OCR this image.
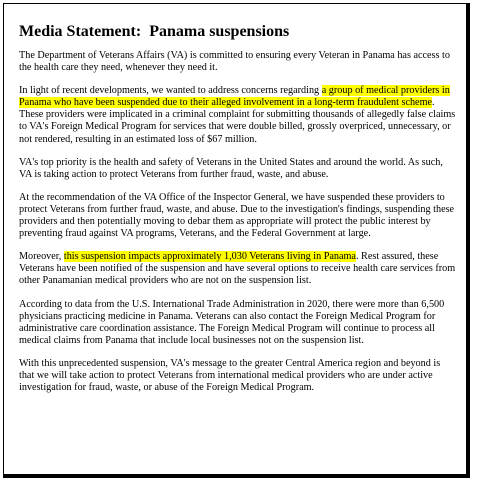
Media Statement:  Panama suspensions

The Department of Veterans Affairs (VA) is committed to ensuring every Veteran in Panama has access to the health care they need, whenever they need it.

In light of recent developments, we wanted to address concerns regarding a group of medical providers in Panama who have been suspended due to their alleged involvement in a long-term fraudulent scheme. These providers were implicated in a criminal complaint for submitting thousands of allegedly false claims to VA's Foreign Medical Program for services that were double billed, grossly overpriced, unnecessary, or not rendered, resulting in an estimated loss of $67 million.

VA's top priority is the health and safety of Veterans in the United States and around the world. As such, VA is taking action to protect Veterans from further fraud, waste, and abuse.

At the recommendation of the VA Office of the Inspector General, we have suspended these providers to protect Veterans from further fraud, waste, and abuse. Due to the investigation's findings, suspending these providers and then potentially moving to debar them as appropriate will protect the public interest by preventing fraud against VA programs, Veterans, and the Federal Government at large.

Moreover, this suspension impacts approximately 1,030 Veterans living in Panama. Rest assured, these Veterans have been notified of the suspension and have several options to receive health care services from other Panamanian medical providers who are not on the suspension list.

According to data from the U.S. International Trade Administration in 2020, there were more than 6,500 physicians practicing medicine in Panama. Veterans can also contact the Foreign Medical Program for administrative care coordination assistance. The Foreign Medical Program will continue to process all medical claims from Panama that include local businesses not on the suspension list.

With this unprecedented suspension, VA's message to the greater Central America region and beyond is that we will take action to protect Veterans from international medical providers who are under active investigation for fraud, waste, or abuse of the Foreign Medical Program.
